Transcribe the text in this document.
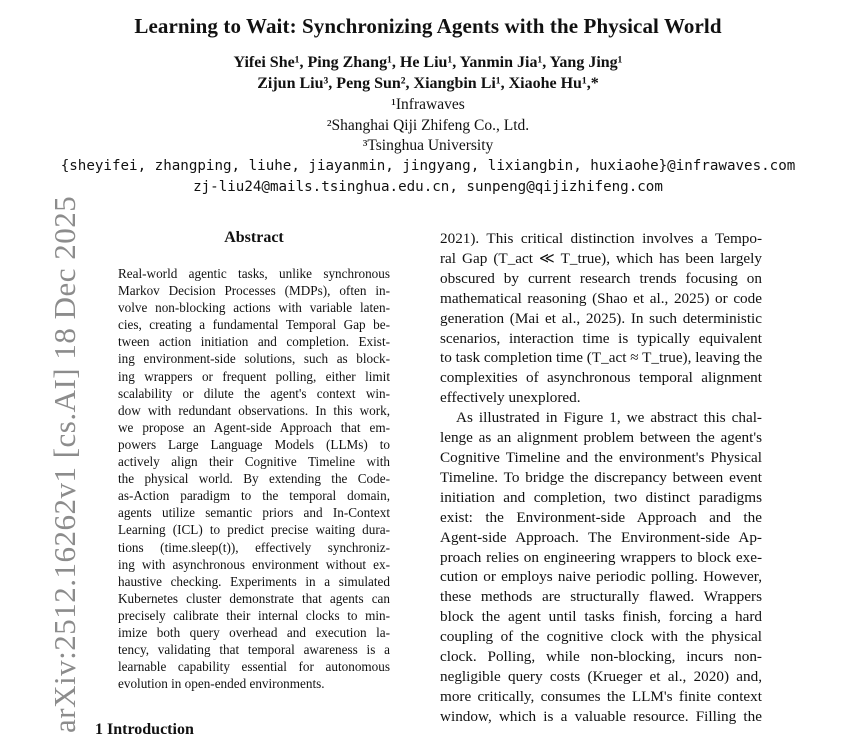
Learning to Wait: Synchronizing Agents with the Physical World
Yifei She¹, Ping Zhang¹, He Liu¹, Yanmin Jia¹, Yang Jing¹
Zijun Liu³, Peng Sun², Xiangbin Li¹, Xiaohe Hu¹,*
¹Infrawaves
²Shanghai Qiji Zhifeng Co., Ltd.
³Tsinghua University
{sheyifei, zhangping, liuhe, jiayanmin, jingyang, lixiangbin, huxiaohe}@infrawaves.com
zj-liu24@mails.tsinghua.edu.cn, sunpeng@qijizhifeng.com
arXiv:2512.16262v1 [cs.AI] 18 Dec 2025	Abstract
Real-world agentic tasks, unlike synchronous
Markov Decision Processes (MDPs), often in-
volve non-blocking actions with variable laten-
cies, creating a fundamental Temporal Gap be-
tween action initiation and completion. Exist-
ing environment-side solutions, such as block-
ing wrappers or frequent polling, either limit
scalability or dilute the agent's context win-
dow with redundant observations. In this work,
we propose an Agent-side Approach that em-
powers Large Language Models (LLMs) to
actively align their Cognitive Timeline with
the physical world. By extending the Code-
as-Action paradigm to the temporal domain,
agents utilize semantic priors and In-Context
Learning (ICL) to predict precise waiting dura-
tions (time.sleep(t)), effectively synchroniz-
ing with asynchronous environment without ex-
haustive checking. Experiments in a simulated
Kubernetes cluster demonstrate that agents can
precisely calibrate their internal clocks to min-
imize both query overhead and execution la-
tency, validating that temporal awareness is a
learnable capability essential for autonomous
evolution in open-ended environments.
1 Introduction
2021). This critical distinction involves a Tempo-
ral Gap (T_act ≪ T_true), which has been largely
obscured by current research trends focusing on
mathematical reasoning (Shao et al., 2025) or code
generation (Mai et al., 2025). In such deterministic
scenarios, interaction time is typically equivalent
to task completion time (T_act ≈ T_true), leaving the
complexities of asynchronous temporal alignment
effectively unexplored.
As illustrated in Figure 1, we abstract this chal-
lenge as an alignment problem between the agent's
Cognitive Timeline and the environment's Physical
Timeline. To bridge the discrepancy between event
initiation and completion, two distinct paradigms
exist: the Environment-side Approach and the
Agent-side Approach. The Environment-side Ap-
proach relies on engineering wrappers to block exe-
cution or employs naive periodic polling. However,
these methods are structurally flawed. Wrappers
block the agent until tasks finish, forcing a hard
coupling of the cognitive clock with the physical
clock. Polling, while non-blocking, incurs non-
negligible query costs (Krueger et al., 2020) and,
more critically, consumes the LLM's finite context
window, which is a valuable resource. Filling the
